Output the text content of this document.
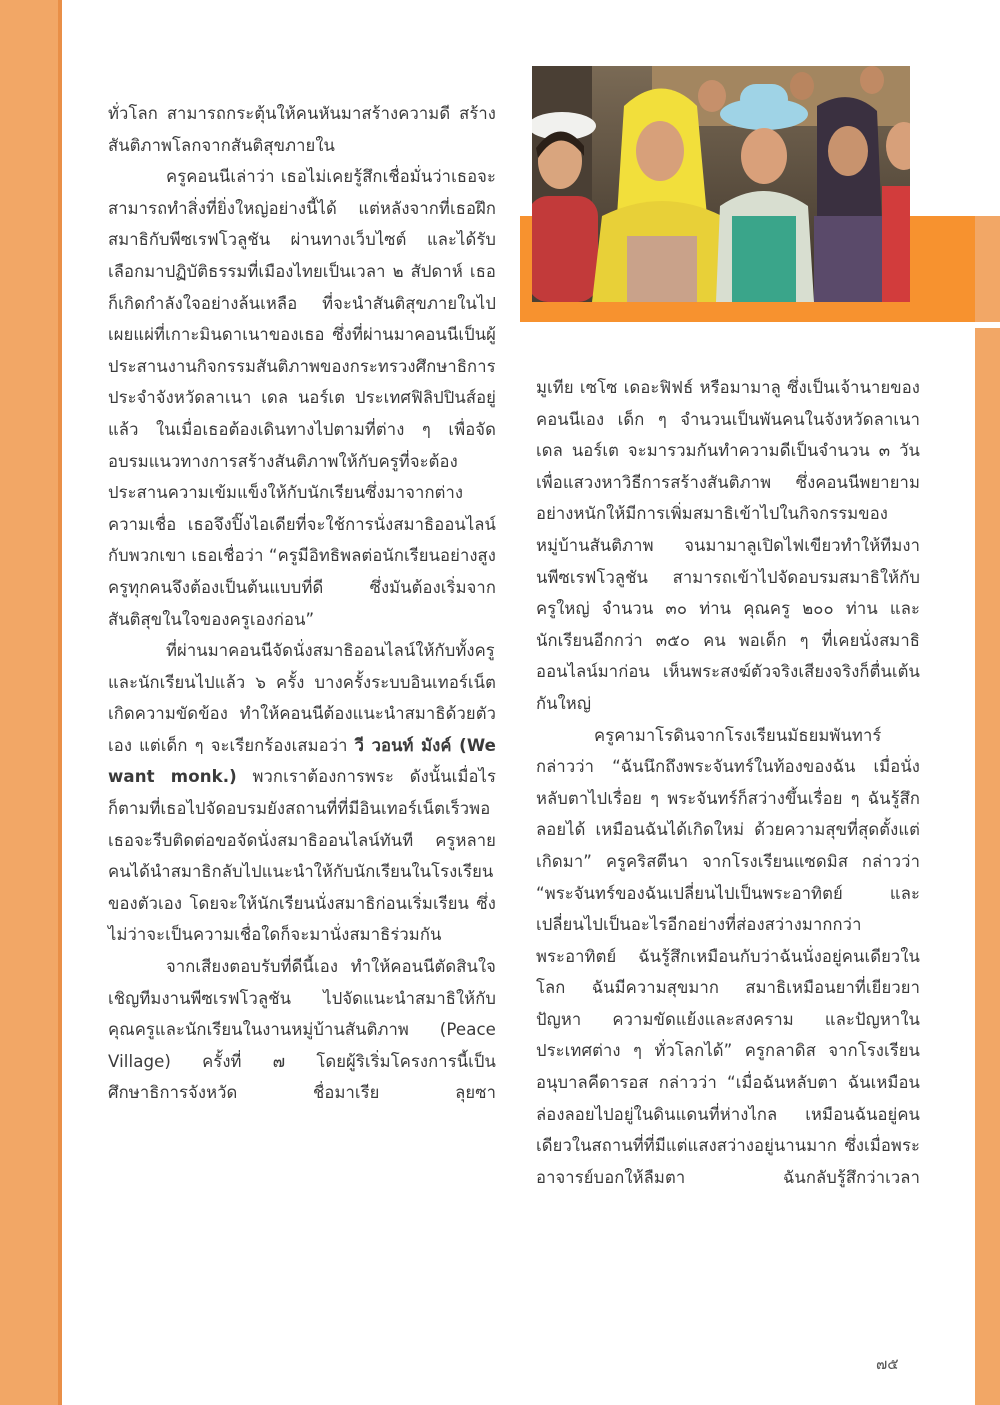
ทั่วโลก สามารถกระตุ้นให้คนหันมาสร้างความดี สร้างสันติภาพโลกจากสันติสุขภายใน

ครูคอนนีเล่าว่า เธอไม่เคยรู้สึกเชื่อมั่นว่าเธอจะสามารถทำสิ่งที่ยิ่งใหญ่อย่างนี้ได้ แต่หลังจากที่เธอฝึกสมาธิกับพีซเรฟโวลูชัน ผ่านทางเว็บไซต์ และได้รับเลือกมาปฏิบัติธรรมที่เมืองไทยเป็นเวลา ๒ สัปดาห์ เธอก็เกิดกำลังใจอย่างล้นเหลือ ที่จะนำสันติสุขภายในไปเผยแผ่ที่เกาะมินดาเนาของเธอ ซึ่งที่ผ่านมาคอนนีเป็นผู้ประสานงานกิจกรรมสันติภาพของกระทรวงศึกษาธิการ ประจำจังหวัดลาเนา เดล นอร์เต ประเทศฟิลิปปินส์อยู่แล้ว ในเมื่อเธอต้องเดินทางไปตามที่ต่าง ๆ เพื่อจัดอบรมแนวทางการสร้างสันติภาพให้กับครูที่จะต้องประสานความเข้มแข็งให้กับนักเรียนซึ่งมาจากต่างความเชื่อ เธอจึงปิ๊งไอเดียที่จะใช้การนั่งสมาธิออนไลน์กับพวกเขา เธอเชื่อว่า “ครูมีอิทธิพลต่อนักเรียนอย่างสูง ครูทุกคนจึงต้องเป็นต้นแบบที่ดี ซึ่งมันต้องเริ่มจากสันติสุขในใจของครูเองก่อน”

ที่ผ่านมาคอนนีจัดนั่งสมาธิออนไลน์ให้กับทั้งครูและนักเรียนไปแล้ว ๖ ครั้ง บางครั้งระบบอินเทอร์เน็ตเกิดความขัดข้อง ทำให้คอนนีต้องแนะนำสมาธิด้วยตัวเอง แต่เด็ก ๆ จะเรียกร้องเสมอว่า วี วอนท์ มังค์ (We want monk.) พวกเราต้องการพระ ดังนั้นเมื่อไรก็ตามที่เธอไปจัดอบรมยังสถานที่ที่มีอินเทอร์เน็ตเร็วพอ เธอจะรีบติดต่อขอจัดนั่งสมาธิออนไลน์ทันที ครูหลายคนได้นำสมาธิกลับไปแนะนำให้กับนักเรียนในโรงเรียนของตัวเอง โดยจะให้นักเรียนนั่งสมาธิก่อนเริ่มเรียน ซึ่งไม่ว่าจะเป็นความเชื่อใดก็จะมานั่งสมาธิร่วมกัน

จากเสียงตอบรับที่ดีนี้เอง ทำให้คอนนีตัดสินใจเชิญทีมงานพีซเรฟโวลูชัน ไปจัดแนะนำสมาธิให้กับคุณครูและนักเรียนในงานหมู่บ้านสันติภาพ (Peace Village) ครั้งที่ ๗ โดยผู้ริเริ่มโครงการนี้เป็นศึกษาธิการจังหวัด ชื่อมาเรีย ลุยซา

มูเทีย เซโซ เดอะฟิฟธ์ หรือมามาลู ซึ่งเป็นเจ้านายของคอนนีเอง เด็ก ๆ จำนวนเป็นพันคนในจังหวัดลาเนา เดล นอร์เต จะมารวมกันทำความดีเป็นจำนวน ๓ วัน เพื่อแสวงหาวิธีการสร้างสันติภาพ ซึ่งคอนนีพยายามอย่างหนักให้มีการเพิ่มสมาธิเข้าไปในกิจกรรมของหมู่บ้านสันติภาพ จนมามาลูเปิดไฟเขียวทำให้ทีมงานพีซเรฟโวลูชัน สามารถเข้าไปจัดอบรมสมาธิให้กับครูใหญ่ จำนวน ๓๐ ท่าน คุณครู ๒๐๐ ท่าน และนักเรียนอีกกว่า ๓๕๐ คน พอเด็ก ๆ ที่เคยนั่งสมาธิออนไลน์มาก่อน เห็นพระสงฆ์ตัวจริงเสียงจริงก็ตื่นเต้นกันใหญ่

ครูคามาโรดินจากโรงเรียนมัธยมพันทาร์ กล่าวว่า “ฉันนึกถึงพระจันทร์ในท้องของฉัน เมื่อนั่งหลับตาไปเรื่อย ๆ พระจันทร์ก็สว่างขึ้นเรื่อย ๆ ฉันรู้สึกลอยได้ เหมือนฉันได้เกิดใหม่ ด้วยความสุขที่สุดตั้งแต่เกิดมา” ครูคริสตีนา จากโรงเรียนแซดมิส กล่าวว่า “พระจันทร์ของฉันเปลี่ยนไปเป็นพระอาทิตย์ และเปลี่ยนไปเป็นอะไรอีกอย่างที่ส่องสว่างมากกว่าพระอาทิตย์ ฉันรู้สึกเหมือนกับว่าฉันนั่งอยู่คนเดียวในโลก ฉันมีความสุขมาก สมาธิเหมือนยาที่เยียวยาปัญหา ความขัดแย้งและสงคราม และปัญหาในประเทศต่าง ๆ ทั่วโลกได้” ครูกลาดิส จากโรงเรียนอนุบาลคีดารอส กล่าวว่า “เมื่อฉันหลับตา ฉันเหมือนล่องลอยไปอยู่ในดินแดนที่ห่างไกล เหมือนฉันอยู่คนเดียวในสถานที่ที่มีแต่แสงสว่างอยู่นานมาก ซึ่งเมื่อพระอาจารย์บอกให้ลืมตา ฉันกลับรู้สึกว่าเวลา

๗๕
